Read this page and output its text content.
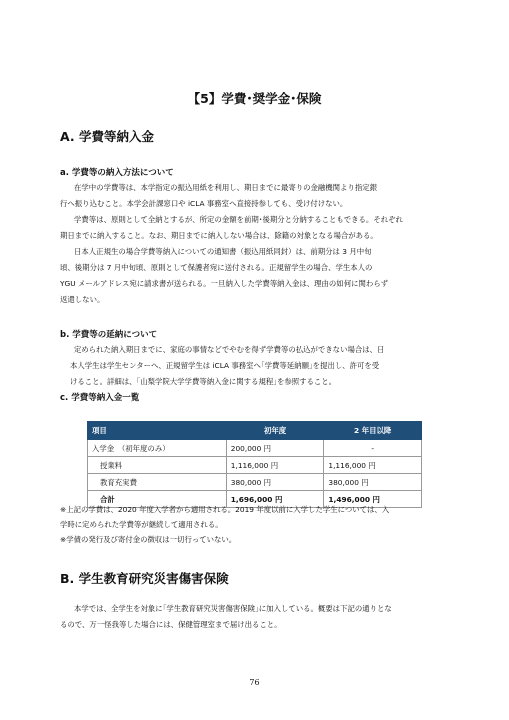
【5】学費･奨学金･保険
A. 学費等納入金
a. 学費等の納入方法について

在学中の学費等は、本学指定の振込用紙を利用し、期日までに最寄りの金融機関より指定銀

行へ振り込むこと。本学会計課窓口や iCLA 事務室へ直接持参しても、受け付けない。

学費等は、原則として全納とするが、所定の金額を前期･後期分と分納することもできる。それぞれ

期日までに納入すること。なお、期日までに納入しない場合は、除籍の対象となる場合がある。

日本人正規生の場合学費等納入についての通知書（振込用紙同封）は、前期分は 3 月中旬

頃、後期分は 7 月中旬頃、原則として保護者宛に送付される。正規留学生の場合、学生本人の

YGU メールアドレス宛に請求書が送られる。一旦納入した学費等納入金は、理由の如何に関わらず

返還しない。

b. 学費等の延納について

定められた納入期日までに、家庭の事情などでやむを得ず学費等の払込ができない場合は、日

本人学生は学生センターへ、正規留学生は iCLA 事務室へ｢学費等延納願｣を提出し、許可を受

けること。詳細は、｢山梨学院大学学費等納入金に関する規程｣を参照すること。

c. 学費等納入金一覧
項目	初年度	2 年目以降
入学金　（初年度のみ）	200,000 円	-
授業料	1,116,000 円	1,116,000 円
教育充実費	380,000 円	380,000 円
合計	1,696,000 円	1,496,000 円

※上記の学費は、2020 年度入学者から適用される。2019 年度以前に入学した学生については、入

学時に定められた学費等が継続して適用される。

※学債の発行及び寄付金の徴収は一切行っていない。

B. 学生教育研究災害傷害保険

本学では、全学生を対象に｢学生教育研究災害傷害保険｣に加入している。概要は下記の通りとな

るので、万一怪我等した場合には、保健管理室まで届け出ること。

76
